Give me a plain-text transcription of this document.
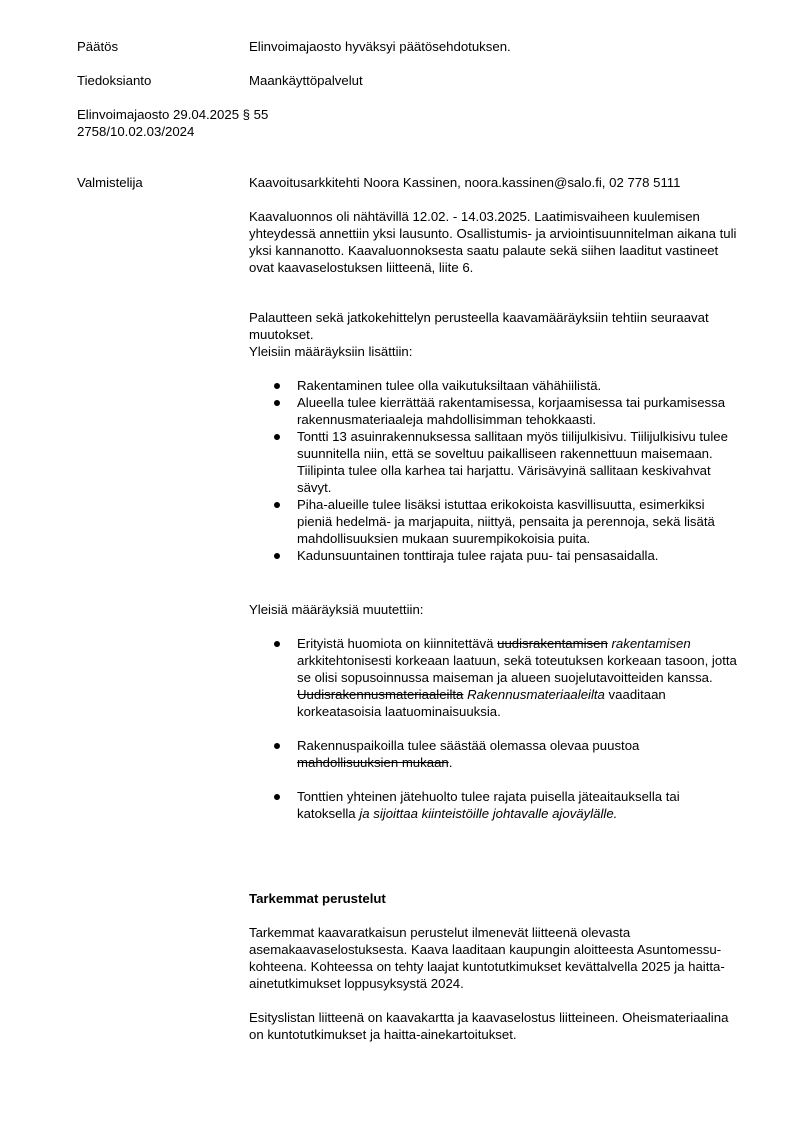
Päätös	Elinvoimajaosto hyväksyi päätösehdotuksen.
Tiedoksianto	Maankäyttöpalvelut
Elinvoimajaosto 29.04.2025 § 55
2758/10.02.03/2024
Valmistelija	Kaavoitusarkkitehti Noora Kassinen, noora.kassinen@salo.fi, 02 778 5111
Kaavaluonnos oli nähtävillä 12.02. - 14.03.2025. Laatimisvaiheen kuulemisen yhteydessä annettiin yksi lausunto. Osallistumis- ja arviointisuunnitelman aikana tuli yksi kannanotto. Kaavaluonnoksesta saatu palaute sekä siihen laaditut vastineet ovat kaavaselostuksen liitteenä, liite 6.
Palautteen sekä jatkokehittelyn perusteella kaavamääräyksiin tehtiin seuraavat muutokset.
Yleisiin määräyksiin lisättiin:
Rakentaminen tulee olla vaikutuksiltaan vähähiilistä.
Alueella tulee kierrättää rakentamisessa, korjaamisessa tai purkamisessa rakennusmateriaaleja mahdollisimman tehokkaasti.
Tontti 13 asuinrakennuksessa sallitaan myös tiilijulkisivu. Tiilijulkisivu tulee suunnitella niin, että se soveltuu paikalliseen rakennettuun maisemaan. Tiilipinta tulee olla karhea tai harjattu. Värisävyinä sallitaan keskivahvat sävyt.
Piha-alueille tulee lisäksi istuttaa erikokoista kasvillisuutta, esimerkiksi pieniä hedelmä- ja marjapuita, niittyä, pensaita ja perennoja, sekä lisätä mahdollisuuksien mukaan suurempikokoisia puita.
Kadunsuuntainen tonttiraja tulee rajata puu- tai pensasaidalla.
Yleisiä määräyksiä muutettiin:
Erityistä huomiota on kiinnitettävä uudisrakentamisen rakentamisen arkkitehtonisesti korkeaan laatuun, sekä toteutuksen korkeaan tasoon, jotta se olisi sopusoinnussa maiseman ja alueen suojelutavoitteiden kanssa. Uudisrakennusmateriaaleilta Rakennusmateriaaleilta vaaditaan korkeatasoisia laatuominaisuuksia.
Rakennuspaikoilla tulee säästää olemassa olevaa puustoa mahdollisuuksien mukaan.
Tonttien yhteinen jätehuolto tulee rajata puisella jäteaitauksella tai katoksella ja sijoittaa kiinteistöille johtavalle ajoväylälle.
Tarkemmat perustelut
Tarkemmat kaavaratkaisun perustelut ilmenevät liitteenä olevasta asemakaavaselostuksesta. Kaava laaditaan kaupungin aloitteesta Asuntomessu-kohteena. Kohteessa on tehty laajat kuntotutkimukset kevättalvella 2025 ja haitta-ainetutkimukset loppusyksystä 2024.
Esityslistan liitteenä on kaavakartta ja kaavaselostus liitteineen. Oheismateriaalina on kuntotutkimukset ja haitta-ainekartoitukset.
